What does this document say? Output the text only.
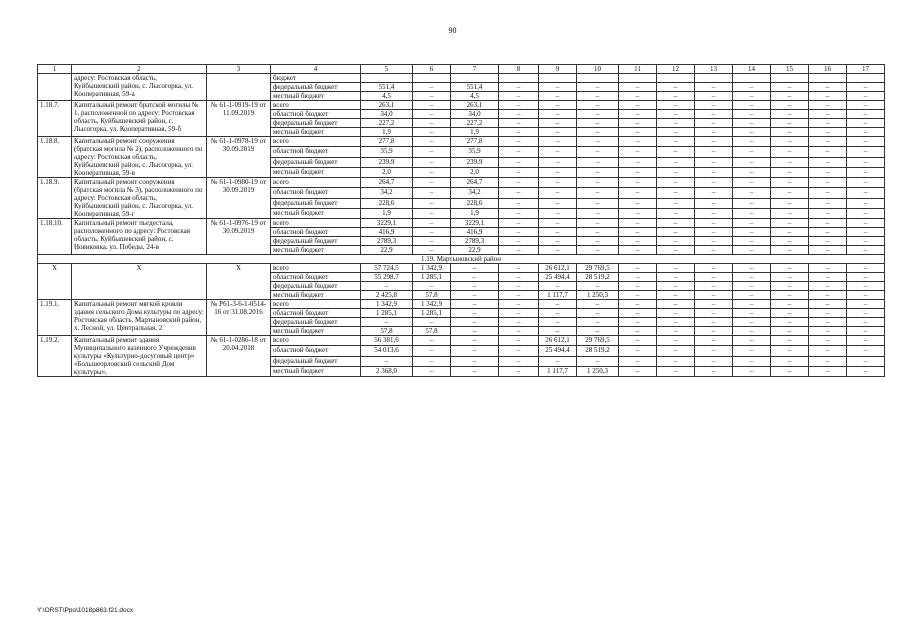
90
1	2	3	4	5	6	7	8	9	10	11	12	13	14	15	16	17
	адресу: Ростовская область, Куйбышевский район, с. Лысогорка, ул. Кооперативная, 59-а		бюджет													
			федеральный бюджет	551,4	–	551,4	–	–	–	–	–	–	–	–	–	–
			местный бюджет	4,5	–	4,5	–	–	–	–	–	–	–	–	–	–
1.18.7.	Капитальный ремонт братской могилы № 1, расположенной по адресу: Ростовская область, Куйбышевский район, с. Лысогорка, ул. Кооперативная, 59-б	№ 61-1-0919-19 от 11.09.2019	всего	263,1	–	263,1	–	–	–	–	–	–	–	–	–	–
			областной бюджет	34,0	–	34,0	–	–	–	–	–	–	–	–	–	–
			федеральный бюджет	227,2	–	227,2	–	–	–	–	–	–	–	–	–	–
			местный бюджет	1,9	–	1,9	–	–	–	–	–	–	–	–	–	–
1.18.8.	Капитальный ремонт сооружения (братская могила № 2), расположенного по адресу: Ростовская область, Куйбышевский район, с. Лысогорка, ул. Кооперативная, 59-в	№ 61-1-0978-19 от 30.09.2019	всего	277,8	–	277,8	–	–	–	–	–	–	–	–	–	–
			областной бюджет	35,9	–	35,9	–	–	–	–	–	–	–	–	–	–
			федеральный бюджет	239,9	–	239,9	–	–	–	–	–	–	–	–	–	–
			местный бюджет	2,0	–	2,0	–	–	–	–	–	–	–	–	–	–
1.18.9.	Капитальный ремонт сооружения (братская могила № 3), расположенного по адресу: Ростовская область, Куйбышевский район, с. Лысогорка, ул. Кооперативная, 59-г	№ 61-1-0980-19 от 30.09.2019	всего	264,7	–	264,7	–	–	–	–	–	–	–	–	–	–
			областной бюджет	34,2	–	34,2	–	–	–	–	–	–	–	–	–	–
			федеральный бюджет	228,6	–	228,6	–	–	–	–	–	–	–	–	–	–
			местный бюджет	1,9	–	1,9	–	–	–	–	–	–	–	–	–	–
1.18.10.	Капитальный ремонт пьедестала, расположенного по адресу: Ростовская область, Куйбышевский район, с. Новиковка, ул. Победы, 24-в	№ 61-1-0976-19 от 30.09.2019	всего	3229,1	–	3229,1	–	–	–	–	–	–	–	–	–	–
			областной бюджет	416,9	–	416,9	–	–	–	–	–	–	–	–	–	–
			федеральный бюджет	2789,3	–	2789,3	–	–	–	–	–	–	–	–	–	–
			местный бюджет	22,9	–	22,9	–	–	–	–	–	–	–	–	–	–
1.19. Мартыновский район																
Х	Х	Х	всего	57 724,5	1 342,9	–	–	26 612,1	29 769,5	–	–	–	–	–	–	–
			областной бюджет	55 298,7	1 285,1	–	–	25 494,4	28 519,2	–	–	–	–	–	–	–
			федеральный бюджет	–	–	–	–	–	–	–	–	–	–	–	–	–
			местный бюджет	2 425,8	57,8	–	–	1 117,7	1 250,3	–	–	–	–	–	–	–
1.19.1.	Капитальный ремонт мягкой кровли здания сельского Дома культуры по адресу: Ростовская область, Мартыновский район, х. Лесной, ул. Центральная, 2	№ Р61-3-6-1-0514-16 от 31.08.2016	всего	1 342,9	1 342,9	–	–	–	–	–	–	–	–	–	–	–
			областной бюджет	1 285,1	1 285,1	–	–	–	–	–	–	–	–	–	–	–
			федеральный бюджет	–	–	–	–	–	–	–	–	–	–	–	–	–
			местный бюджет	57,8	57,8	–	–	–	–	–	–	–	–	–	–	–
1.19.2.	Капитальный ремонт здания Муниципального казенного Учреждения культуры «Культурно-досуговый центр» «Большеорловский сельский Дом культуры»,	№ 61-1-0286-18 от 20.04.2018	всего	56 381,6	–	–	–	26 612,1	29 769,5	–	–	–	–	–	–	–
			областной бюджет	54 013,6	–	–	–	25 494,4	28 519,2	–	–	–	–	–	–	–
			федеральный бюджет	–	–	–	–	–	–	–	–	–	–	–	–	–
			местный бюджет	2 368,0	–	–	–	1 117,7	1 250,3	–	–	–	–	–	–	–
Y:\ORST\Ppo\1018p863.f21.docx
